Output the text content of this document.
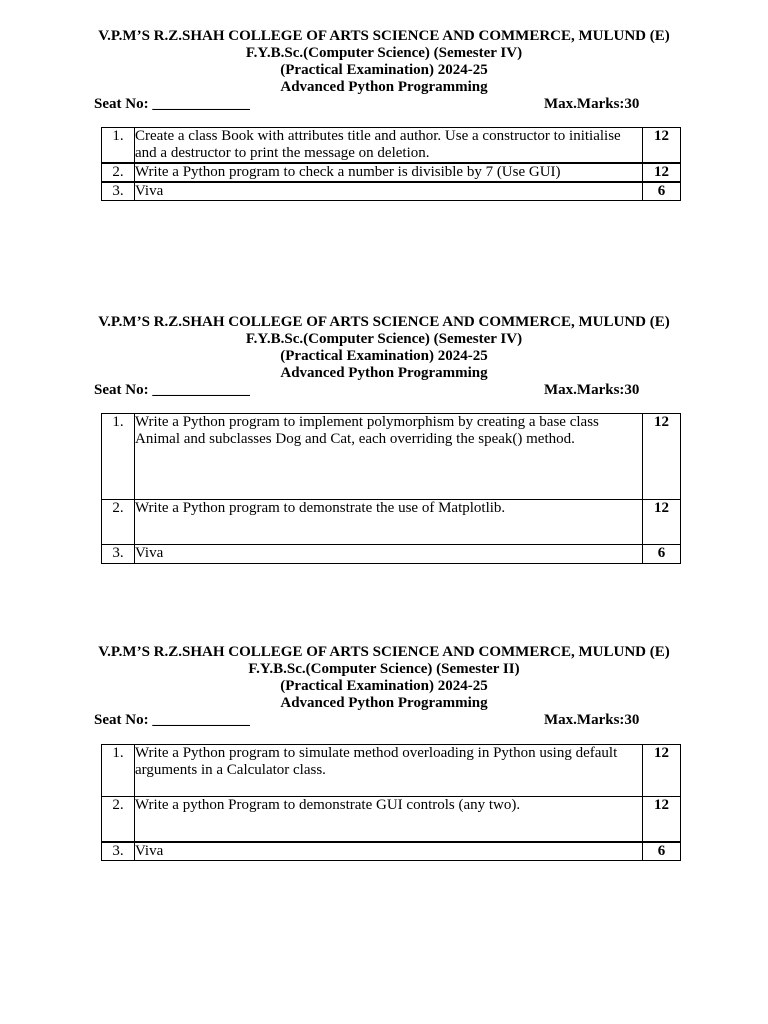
V.P.M’S R.Z.SHAH COLLEGE OF ARTS SCIENCE AND COMMERCE, MULUND (E)

F.Y.B.Sc.(Computer Science) (Semester IV)

(Practical Examination) 2024-25

Advanced Python Programming

Seat No: _____________	Max.Marks:30
1.	Create a class Book with attributes title and author. Use a constructor to initialise and a destructor to print the message on deletion.	12
2.	Write a Python program to check a number is divisible by 7 (Use GUI)	12
3.	Viva	6

V.P.M’S R.Z.SHAH COLLEGE OF ARTS SCIENCE AND COMMERCE, MULUND (E)

F.Y.B.Sc.(Computer Science) (Semester IV)

(Practical Examination) 2024-25

Advanced Python Programming

Seat No: _____________	Max.Marks:30
1.	Write a Python program to implement polymorphism by creating a base class Animal and subclasses Dog and Cat, each overriding the speak() method.	12
2.	Write a Python program to demonstrate the use of Matplotlib.	12
3.	Viva	6

V.P.M’S R.Z.SHAH COLLEGE OF ARTS SCIENCE AND COMMERCE, MULUND (E)

F.Y.B.Sc.(Computer Science) (Semester II)

(Practical Examination) 2024-25

Advanced Python Programming

Seat No: _____________	Max.Marks:30
1.	Write a Python program to simulate method overloading in Python using default arguments in a Calculator class.	12
2.	Write a python Program to demonstrate GUI controls (any two).	12
3.	Viva	6
